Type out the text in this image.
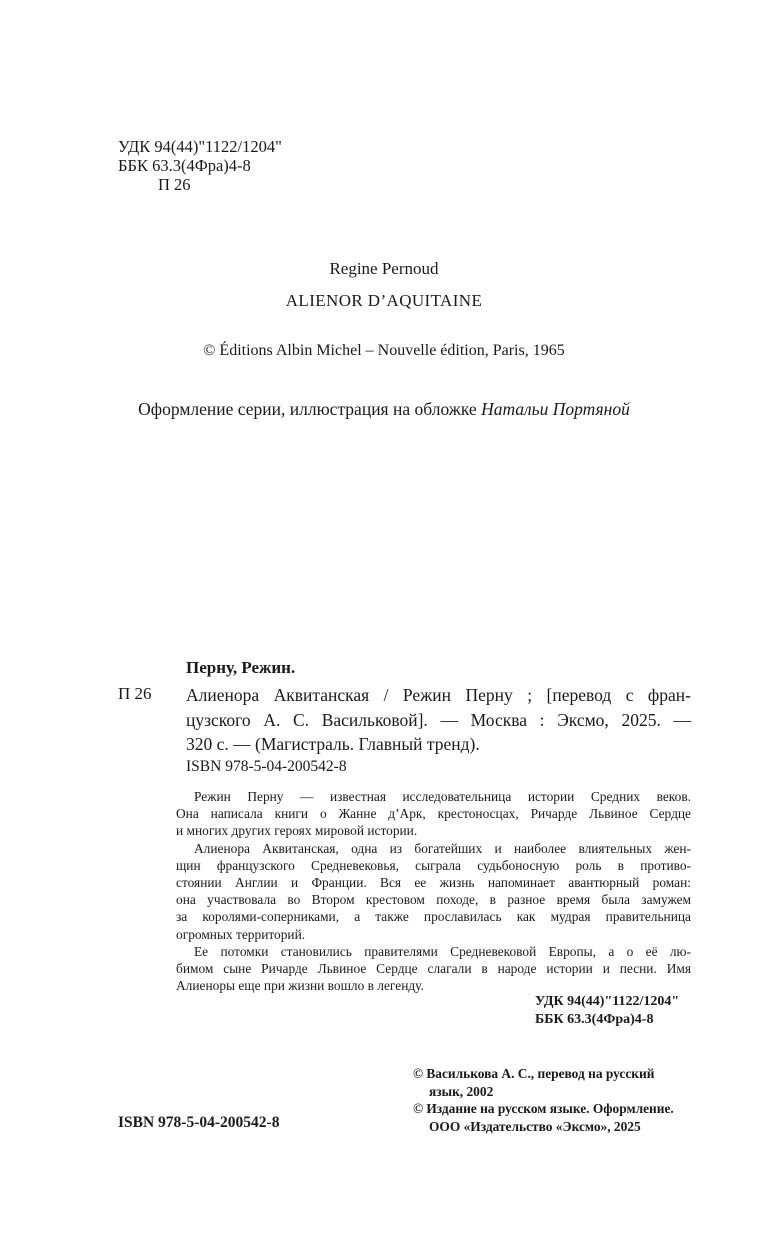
УДК 94(44)"1122/1204"
ББК 63.3(4Фра)4-8
П 26
Regine Pernoud
ALIENOR D’AQUITAINE
© Éditions Albin Michel – Nouvelle édition, Paris, 1965
Оформление серии, иллюстрация на обложке Натальи Портяной
Перну, Режин.
П 26 Алиенора Аквитанская / Режин Перну ; [перевод с фран-
цузского А. С. Васильковой]. — Москва : Эксмо, 2025. —
320 с. — (Магистраль. Главный тренд).
ISBN 978-5-04-200542-8

Режин Перну — известная исследовательница истории Средних веков.
Она написала книги о Жанне д’Арк, крестоносцах, Ричарде Львиное Сердце
и многих других героях мировой истории.

Алиенора Аквитанская, одна из богатейших и наиболее влиятельных жен-
щин французского Средневековья, сыграла судьбоносную роль в противо-
стоянии Англии и Франции. Вся ее жизнь напоминает авантюрный роман:
она участвовала во Втором крестовом походе, в разное время была замужем
за королями-соперниками, а также прославилась как мудрая правительница
огромных территорий.

Ее потомки становились правителями Средневековой Европы, а о её лю-
бимом сыне Ричарде Львиное Сердце слагали в народе истории и песни. Имя
Алиеноры еще при жизни вошло в легенду.

УДК 94(44)"1122/1204"
ББК 63.3(4Фра)4-8
© Василькова А. С., перевод на русский
язык, 2002
© Издание на русском языке. Оформление.
ООО «Издательство «Эксмо», 2025
ISBN 978-5-04-200542-8
